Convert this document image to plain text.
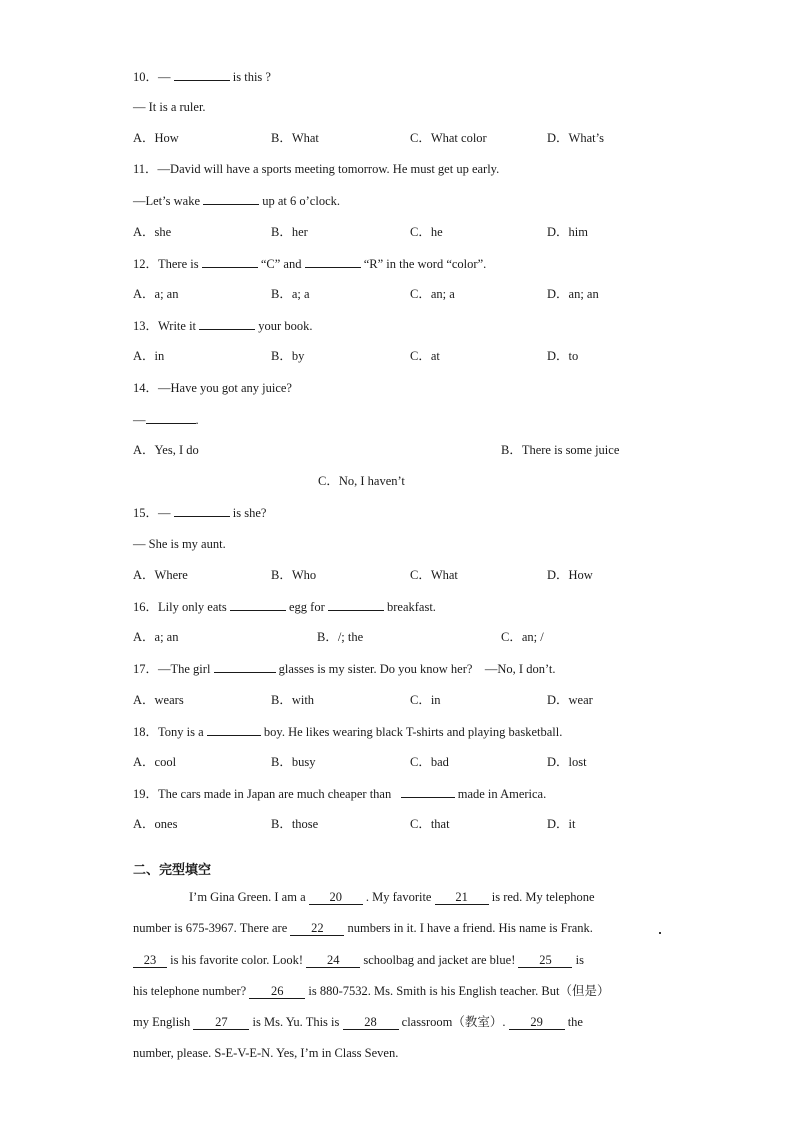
10．—	is this ?
— It is a ruler.
A．How	B．What	C．What color	D．What’s
11．—David will have a sports meeting tomorrow. He must get up early.
—Let’s wake	up at 6 o’clock.
A．she	B．her	C．he	D．him
12．There is	“C” and	“R” in the word “color”.
A．a; an	B．a; a	C．an; a	D．an; an
13．Write it	your book.
A．in	B．by	C．at	D．to
14．—Have you got any juice?
—	.
A．Yes, I do	B．There is some juice
C．No, I haven’t
15．—	is she?
— She is my aunt.
A．Where	B．Who	C．What	D．How
16．Lily only eats	egg for	breakfast.
A．a; an	B．/; the	C．an; /
17．—The girl	glasses is my sister. Do you know her?　—No, I don’t.
A．wears	B．with	C．in	D．wear
18．Tony is a	boy. He likes wearing black T-shirts and playing basketball.
A．cool	B．busy	C．bad	D．lost
19．The cars made in Japan are much cheaper than	made in America.
A．ones	B．those	C．that	D．it
二、完型填空
I’m Gina Green. I am a 20 . My favorite 21 is red. My telephone
number is 675-3967. There are 22 numbers in it. I have a friend. His name is Frank.
23 is his favorite color. Look! 24 schoolbag and jacket are blue! 25 is
his telephone number? 26 is 880-7532. Ms. Smith is his English teacher. But（但是）
my English 27 is Ms. Yu. This is 28 classroom（教室）. 29 the
number, please. S-E-V-E-N. Yes, I’m in Class Seven.
